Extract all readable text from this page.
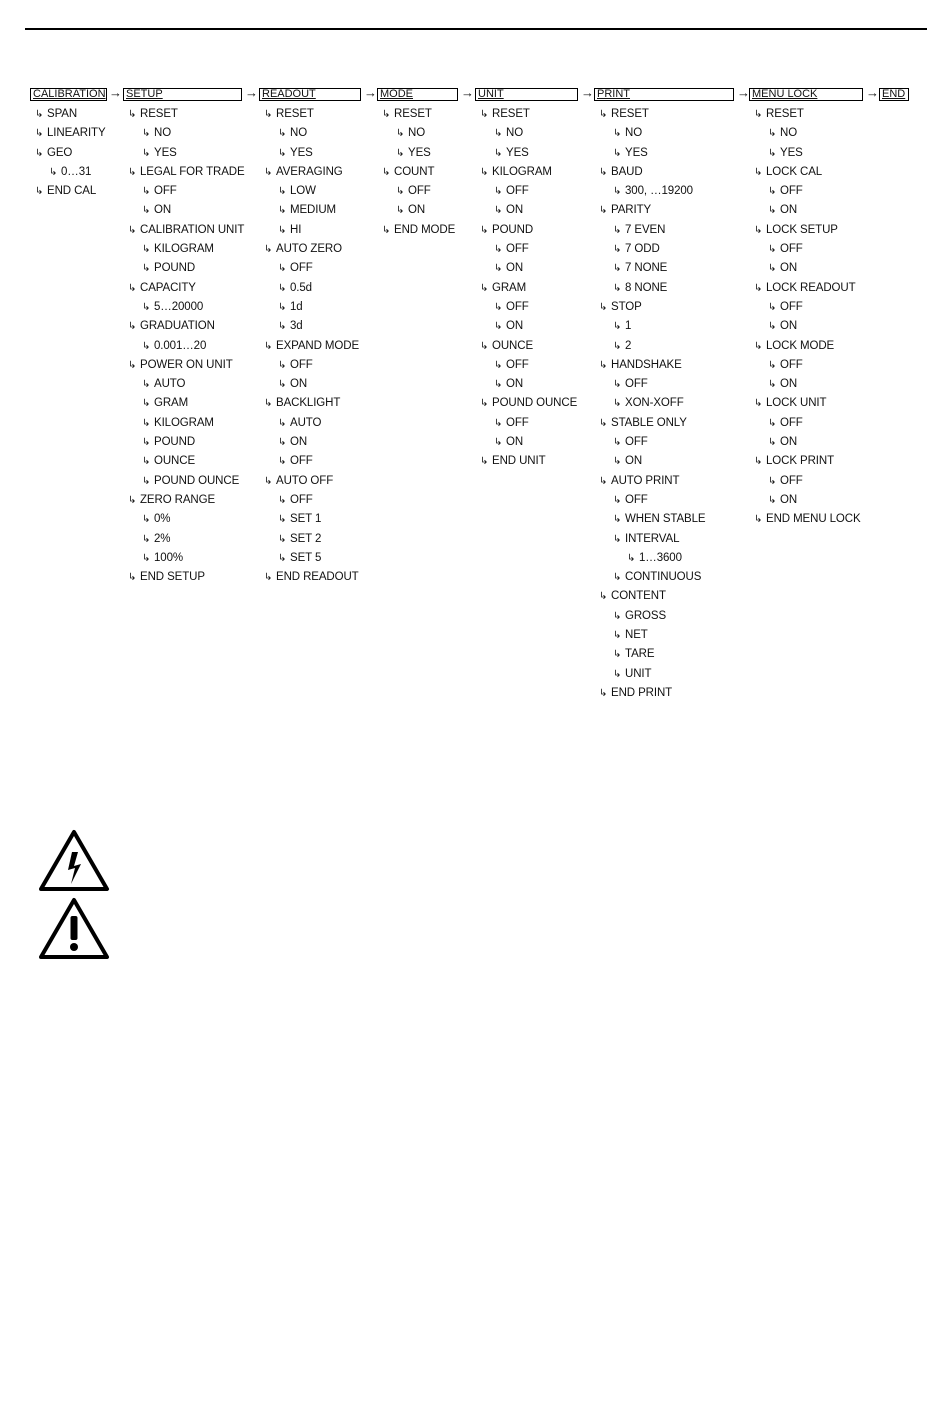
CALIBRATION →
↳ SPAN
↳ LINEARITY
↳ GEO
↳ 0…31
↳ END CAL
SETUP	→
↳ RESET
↳ NO
↳ YES
↳ LEGAL FOR TRADE
↳ OFF
↳ ON
↳ CALIBRATION UNIT
↳ KILOGRAM
↳ POUND
↳ CAPACITY
↳ 5…20000
↳ GRADUATION
↳ 0.001…20
↳ POWER ON UNIT
↳ AUTO
↳ GRAM
↳ KILOGRAM
↳ POUND
↳ OUNCE
↳ POUND OUNCE
↳ ZERO RANGE
↳ 0%
↳ 2%
↳ 100%
↳ END SETUP
READOUT	→
↳ RESET
↳ NO
↳ YES
↳ AVERAGING
↳ LOW
↳ MEDIUM
↳ HI
↳ AUTO ZERO
↳ OFF
↳ 0.5d
↳ 1d
↳ 3d
↳ EXPAND MODE
↳ OFF
↳ ON
↳ BACKLIGHT
↳ AUTO
↳ ON
↳ OFF
↳ AUTO OFF
↳ OFF
↳ SET 1
↳ SET 2
↳ SET 5
↳ END READOUT
MODE	→
↳ RESET
↳ NO
↳ YES
↳ COUNT
↳ OFF
↳ ON
↳ END MODE
UNIT	→
↳ RESET
↳ NO
↳ YES
↳ KILOGRAM
↳ OFF
↳ ON
↳ POUND
↳ OFF
↳ ON
↳ GRAM
↳ OFF
↳ ON
↳ OUNCE
↳ OFF
↳ ON
↳ POUND OUNCE
↳ OFF
↳ ON
↳ END UNIT
PRINT	→
↳ RESET
↳ NO
↳ YES
↳ BAUD
↳ 300, …19200
↳ PARITY
↳ 7 EVEN
↳ 7 ODD
↳ 7 NONE
↳ 8 NONE
↳ STOP
↳ 1
↳ 2
↳ HANDSHAKE
↳ OFF
↳ XON-XOFF
↳ STABLE ONLY
↳ OFF
↳ ON
↳ AUTO PRINT
↳ OFF
↳ WHEN STABLE
↳ INTERVAL
↳ 1…3600
↳ CONTINUOUS
↳ CONTENT
↳ GROSS
↳ NET
↳ TARE
↳ UNIT
↳ END PRINT
MENU LOCK	→
↳ RESET
↳ NO
↳ YES
↳ LOCK CAL
↳ OFF
↳ ON
↳ LOCK SETUP
↳ OFF
↳ ON
↳ LOCK READOUT
↳ OFF
↳ ON
↳ LOCK MODE
↳ OFF
↳ ON
↳ LOCK UNIT
↳ OFF
↳ ON
↳ LOCK PRINT
↳ OFF
↳ ON
↳ END MENU LOCK
END
